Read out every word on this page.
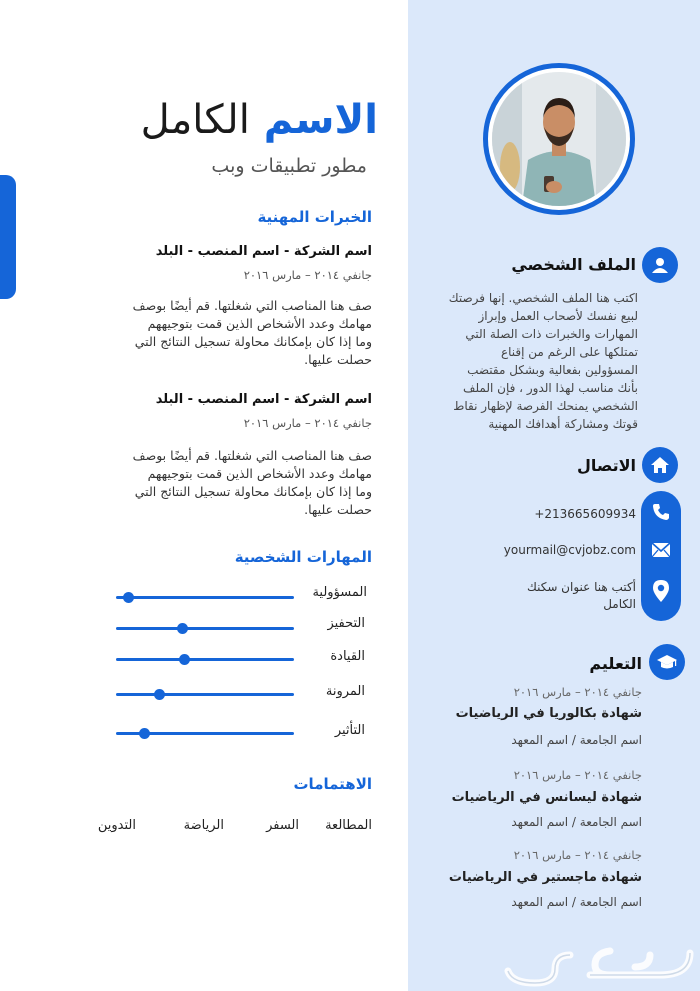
الاسم الكامل
مطور تطبيقات وبب
الخبرات المهنية
اسم الشركة - اسم المنصب - البلد
جانفي ٢٠١٤ – مارس ٢٠١٦
صف هنا المناصب التي شغلتها. قم أيضًا بوصف
مهامك وعدد الأشخاص الذين قمت بتوجيههم
وما إذا كان بإمكانك محاولة تسجيل النتائج التي
حصلت عليها.
اسم الشركة - اسم المنصب - البلد
جانفي ٢٠١٤ – مارس ٢٠١٦
صف هنا المناصب التي شغلتها. قم أيضًا بوصف
مهامك وعدد الأشخاص الذين قمت بتوجيههم
وما إذا كان بإمكانك محاولة تسجيل النتائج التي
حصلت عليها.
المهارات الشخصية
المسؤولية
التحفيز
القيادة
المرونة
التأثير
الاهتمامات
المطالعة
السفر
الرياضة
التدوين
الملف الشخصي
اكتب هنا الملف الشخصي. إنها فرصتك
لبيع نفسك لأصحاب العمل وإبراز
المهارات والخبرات ذات الصلة التي
تمتلكها على الرغم من إقناع
المسؤولين بفعالية وبشكل مقتضب
بأنك مناسب لهذا الدور ، فإن الملف
الشخصي يمنحك الفرصة لإظهار نقاط
قوتك ومشاركة أهدافك المهنية
الاتصال
+213665609934
yourmail@cvjobz.com
أكتب هنا عنوان سكنك
الكامل
التعليم
جانفي ٢٠١٤ – مارس ٢٠١٦
شهادة بكالوريا في الرياضيات
اسم الجامعة / اسم المعهد
جانفي ٢٠١٤ – مارس ٢٠١٦
شهادة ليسانس في الرياضيات
اسم الجامعة / اسم المعهد
جانفي ٢٠١٤ – مارس ٢٠١٦
شهادة ماجستير في الرياضيات
اسم الجامعة / اسم المعهد
